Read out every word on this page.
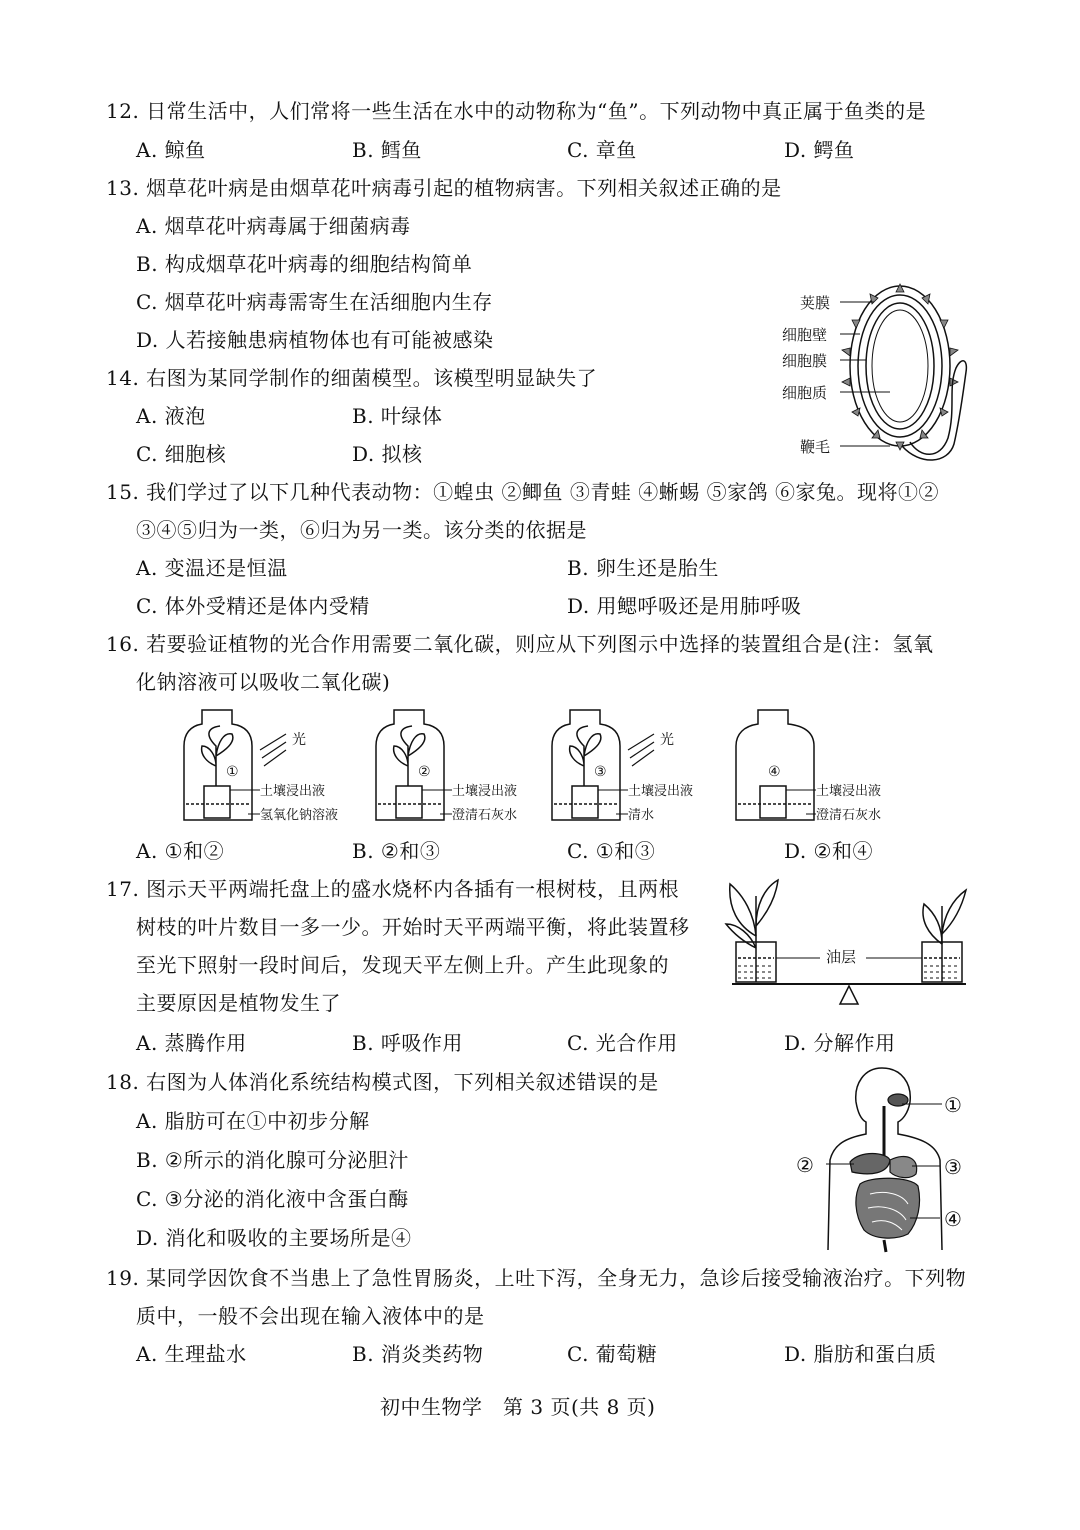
12. 日常生活中，人们常将一些生活在水中的动物称为“鱼”。下列动物中真正属于鱼类的是
A. 鲸鱼	B. 鳕鱼	C. 章鱼	D. 鳄鱼
13. 烟草花叶病是由烟草花叶病毒引起的植物病害。下列相关叙述正确的是
A. 烟草花叶病毒属于细菌病毒
B. 构成烟草花叶病毒的细胞结构简单
C. 烟草花叶病毒需寄生在活细胞内生存
D. 人若接触患病植物体也有可能被感染
14. 右图为某同学制作的细菌模型。该模型明显缺失了
A. 液泡	B. 叶绿体
C. 细胞核	D. 拟核
荚膜
细胞壁
细胞膜
细胞质
鞭毛
15. 我们学过了以下几种代表动物：①蝗虫 ②鲫鱼 ③青蛙 ④蜥蜴 ⑤家鸽 ⑥家兔。现将①②
③④⑤归为一类，⑥归为另一类。该分类的依据是
A. 变温还是恒温	B. 卵生还是胎生
C. 体外受精还是体内受精	D. 用鳃呼吸还是用肺呼吸
16. 若要验证植物的光合作用需要二氧化碳，则应从下列图示中选择的装置组合是(注：氢氧
化钠溶液可以吸收二氧化碳)
光
①
土壤浸出液
氢氧化钠溶液
②
土壤浸出液
澄清石灰水
光
③
土壤浸出液
清水
④
土壤浸出液
澄清石灰水
A. ①和②	B. ②和③	C. ①和③	D. ②和④
17. 图示天平两端托盘上的盛水烧杯内各插有一根树枝，且两根
树枝的叶片数目一多一少。开始时天平两端平衡，将此装置移
至光下照射一段时间后，发现天平左侧上升。产生此现象的
主要原因是植物发生了
油层
A. 蒸腾作用	B. 呼吸作用	C. 光合作用	D. 分解作用
18. 右图为人体消化系统结构模式图，下列相关叙述错误的是
A. 脂肪可在①中初步分解
B. ②所示的消化腺可分泌胆汁
C. ③分泌的消化液中含蛋白酶
D. 消化和吸收的主要场所是④
①
②	③
④
19. 某同学因饮食不当患上了急性胃肠炎，上吐下泻，全身无力，急诊后接受输液治疗。下列物
质中，一般不会出现在输入液体中的是
A. 生理盐水	B. 消炎类药物	C. 葡萄糖	D. 脂肪和蛋白质
初中生物学　第 3 页(共 8 页)
